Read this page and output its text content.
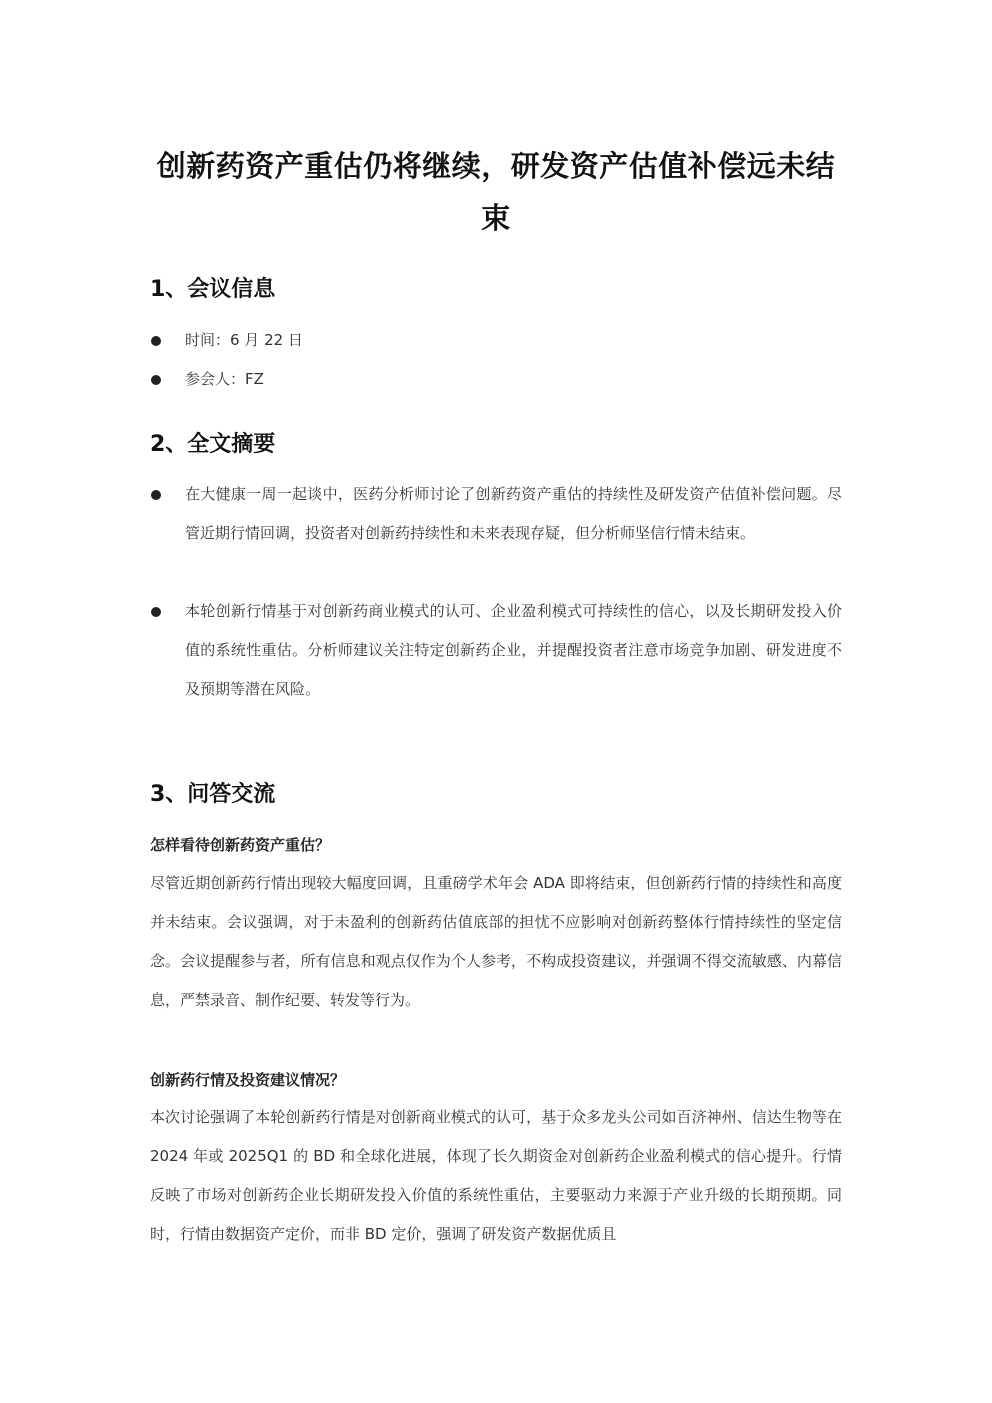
创新药资产重估仍将继续，研发资产估值补偿远未结束
1、会议信息
时间：6 月 22 日
参会人：FZ
2、全文摘要
在大健康一周一起谈中，医药分析师讨论了创新药资产重估的持续性及研发资产估值补偿问题。尽管近期行情回调，投资者对创新药持续性和未来表现存疑，但分析师坚信行情未结束。
本轮创新行情基于对创新药商业模式的认可、企业盈利模式可持续性的信心，以及长期研发投入价值的系统性重估。分析师建议关注特定创新药企业，并提醒投资者注意市场竞争加剧、研发进度不及预期等潜在风险。
3、问答交流

怎样看待创新药资产重估？

尽管近期创新药行情出现较大幅度回调，且重磅学术年会 ADA 即将结束，但创新药行情的持续性和高度并未结束。会议强调，对于未盈利的创新药估值底部的担忧不应影响对创新药整体行情持续性的坚定信念。会议提醒参与者，所有信息和观点仅作为个人参考，不构成投资建议，并强调不得交流敏感、内幕信息，严禁录音、制作纪要、转发等行为。

创新药行情及投资建议情况？

本次讨论强调了本轮创新药行情是对创新商业模式的认可，基于众多龙头公司如百济神州、信达生物等在 2024 年或 2025Q1 的 BD 和全球化进展，体现了长久期资金对创新药企业盈利模式的信心提升。行情反映了市场对创新药企业长期研发投入价值的系统性重估，主要驱动力来源于产业升级的长期预期。同时，行情由数据资产定价，而非 BD 定价，强调了研发资产数据优质且
